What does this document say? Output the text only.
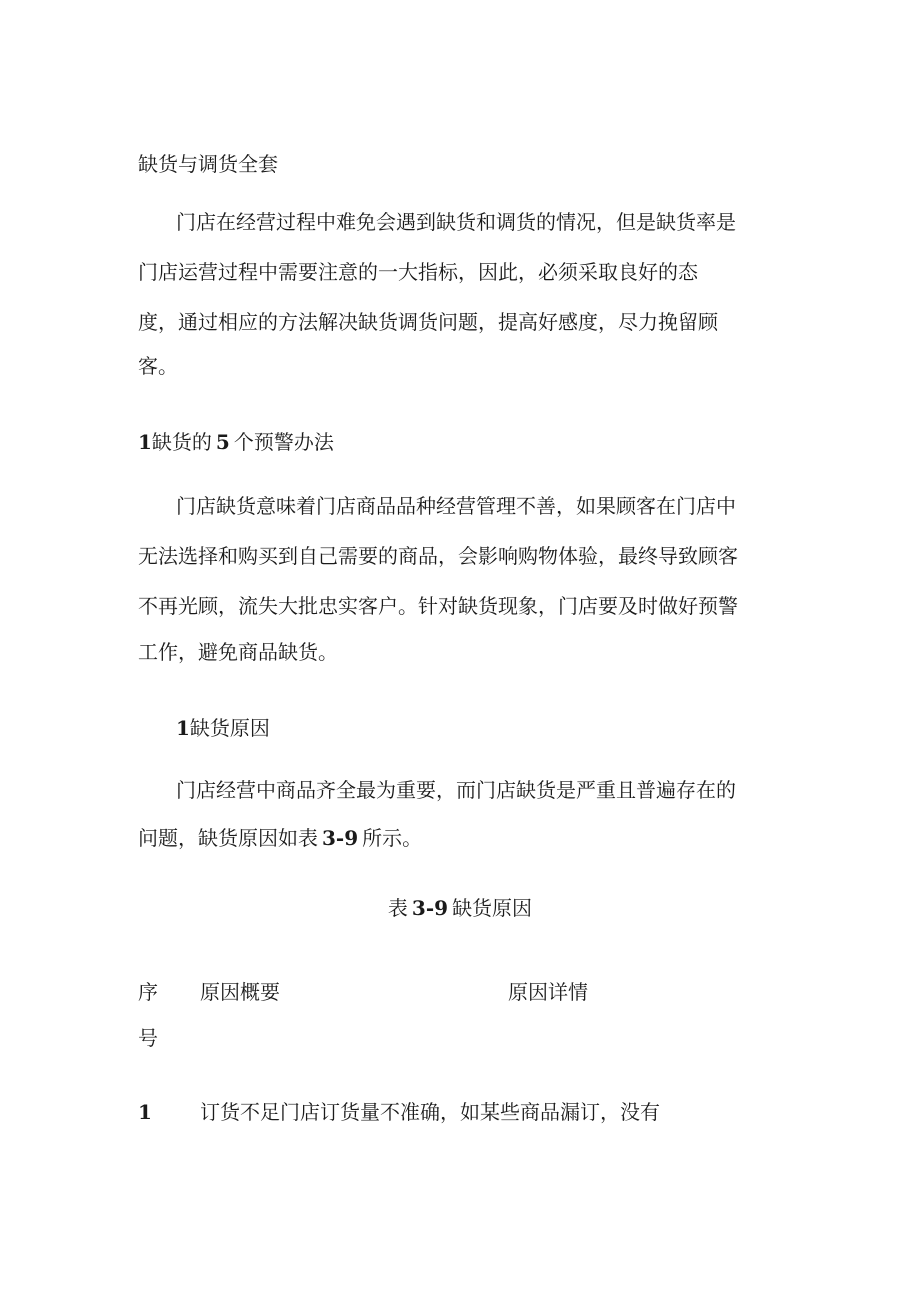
缺货与调货全套
门店在经营过程中难免会遇到缺货和调货的情况，但是缺货率是
门店运营过程中需要注意的一大指标，因此，必须采取良好的态
度，通过相应的方法解决缺货调货问题，提高好感度，尽力挽留顾
客。
1缺货的 5 个预警办法
门店缺货意味着门店商品品种经营管理不善，如果顾客在门店中
无法选择和购买到自己需要的商品，会影响购物体验，最终导致顾客
不再光顾，流失大批忠实客户。针对缺货现象，门店要及时做好预警
工作，避免商品缺货。
1缺货原因
门店经营中商品齐全最为重要，而门店缺货是严重且普遍存在的
问题，缺货原因如表 3-9 所示。
表 3-9 缺货原因
序
号
原因概要	原因详情
1 订货不足门店订货量不准确，如某些商品漏订，没有
